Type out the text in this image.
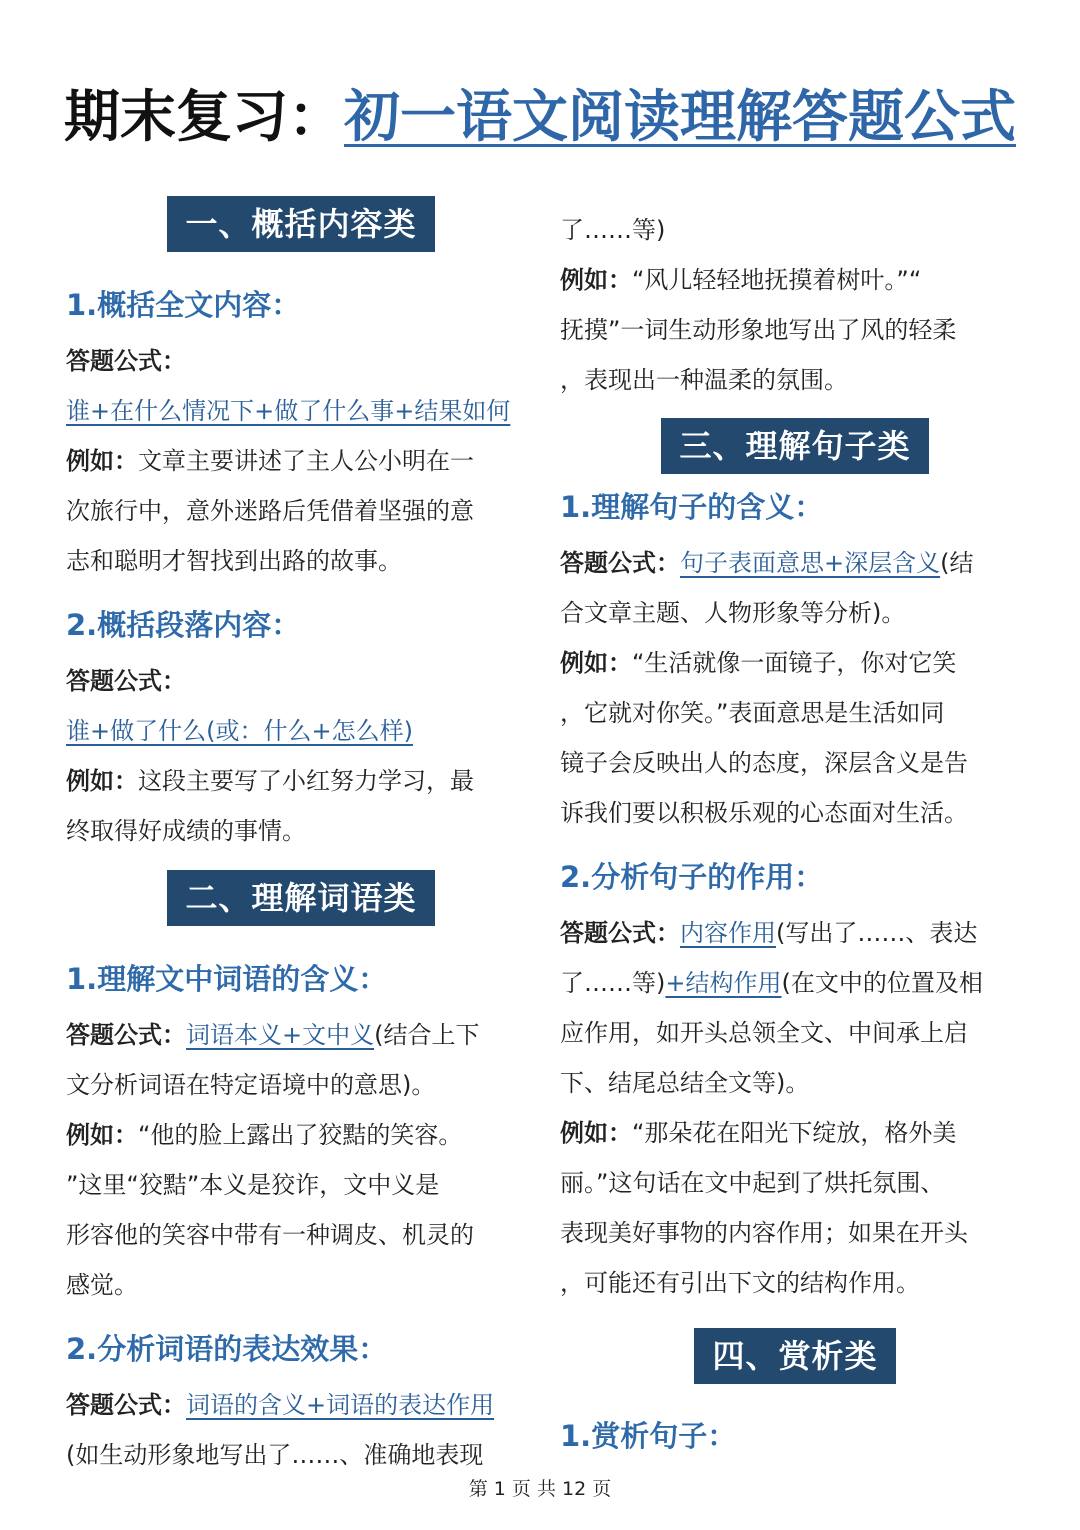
期末复习：初一语文阅读理解答题公式
一、概括内容类
1.概括全文内容：
答题公式：
谁+在什么情况下+做了什么事+结果如何
例如：文章主要讲述了主人公小明在一
次旅行中，意外迷路后凭借着坚强的意
志和聪明才智找到出路的故事。
2.概括段落内容：
答题公式：
谁+做了什么(或：什么+怎么样)
例如：这段主要写了小红努力学习，最
终取得好成绩的事情。
二、理解词语类
1.理解文中词语的含义：
答题公式：词语本义+文中义(结合上下
文分析词语在特定语境中的意思)。
例如：“他的脸上露出了狡黠的笑容。
”这里“狡黠”本义是狡诈，文中义是
形容他的笑容中带有一种调皮、机灵的
感觉。
2.分析词语的表达效果：
答题公式：词语的含义+词语的表达作用
(如生动形象地写出了……、准确地表现
了……等)
例如：“风儿轻轻地抚摸着树叶。”“
抚摸”一词生动形象地写出了风的轻柔
，表现出一种温柔的氛围。
三、理解句子类
1.理解句子的含义：
答题公式：句子表面意思+深层含义(结
合文章主题、人物形象等分析)。
例如：“生活就像一面镜子，你对它笑
，它就对你笑。”表面意思是生活如同
镜子会反映出人的态度，深层含义是告
诉我们要以积极乐观的心态面对生活。
2.分析句子的作用：
答题公式：内容作用(写出了……、表达
了……等)+结构作用(在文中的位置及相
应作用，如开头总领全文、中间承上启
下、结尾总结全文等)。
例如：“那朵花在阳光下绽放，格外美
丽。”这句话在文中起到了烘托氛围、
表现美好事物的内容作用；如果在开头
，可能还有引出下文的结构作用。
四、赏析类
1.赏析句子：
第 1 页 共 12 页
